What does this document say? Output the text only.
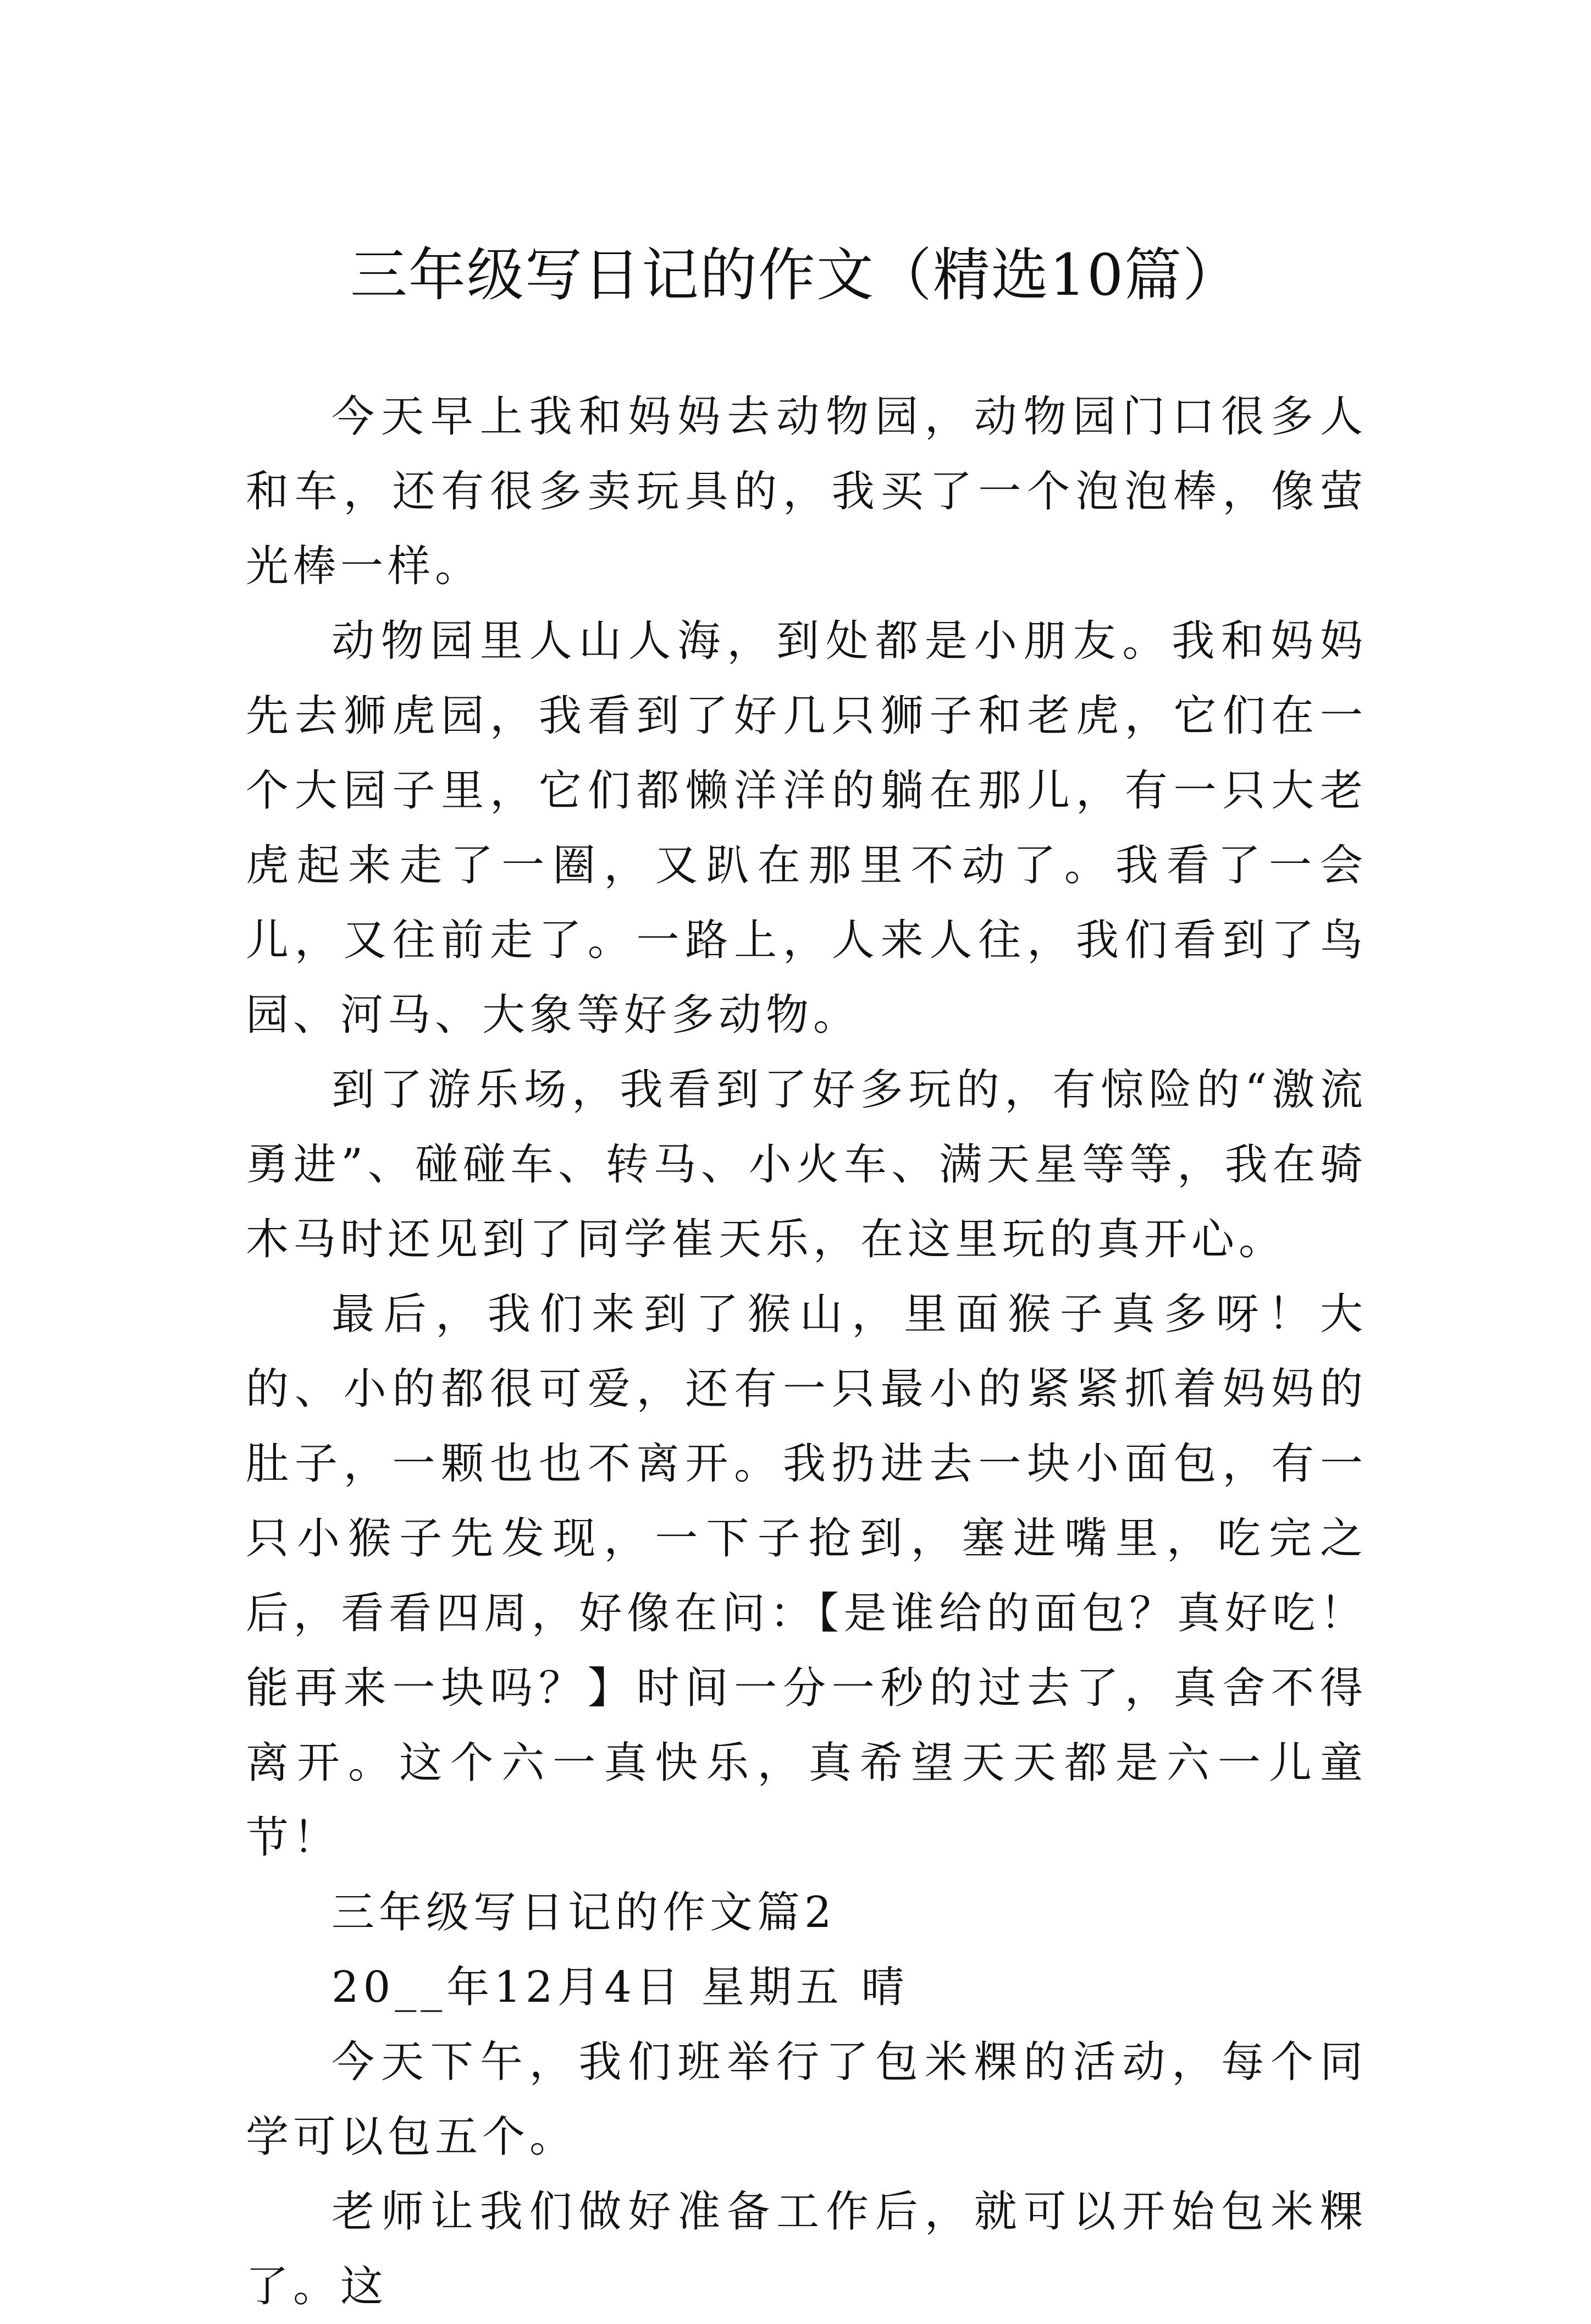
三年级写日记的作文（精选10篇）

今天早上我和妈妈去动物园，动物园门口很多人和车，还有很多卖玩具的，我买了一个泡泡棒，像萤光棒一样。

动物园里人山人海，到处都是小朋友。我和妈妈先去狮虎园，我看到了好几只狮子和老虎，它们在一个大园子里，它们都懒洋洋的躺在那儿，有一只大老虎起来走了一圈，又趴在那里不动了。我看了一会儿，又往前走了。一路上，人来人往，我们看到了鸟园、河马、大象等好多动物。

到了游乐场，我看到了好多玩的，有惊险的“激流勇进”、碰碰车、转马、小火车、满天星等等，我在骑木马时还见到了同学崔天乐，在这里玩的真开心。

最后，我们来到了猴山，里面猴子真多呀！大的、小的都很可爱，还有一只最小的紧紧抓着妈妈的肚子，一颗也也不离开。我扔进去一块小面包，有一只小猴子先发现，一下子抢到，塞进嘴里，吃完之后，看看四周，好像在问：【是谁给的面包？真好吃！能再来一块吗？】时间一分一秒的过去了，真舍不得离开。这个六一真快乐，真希望天天都是六一儿童节！

三年级写日记的作文篇2

20__年12月4日 星期五 晴

今天下午，我们班举行了包米粿的活动，每个同学可以包五个。

老师让我们做好准备工作后，就可以开始包米粿了。这
